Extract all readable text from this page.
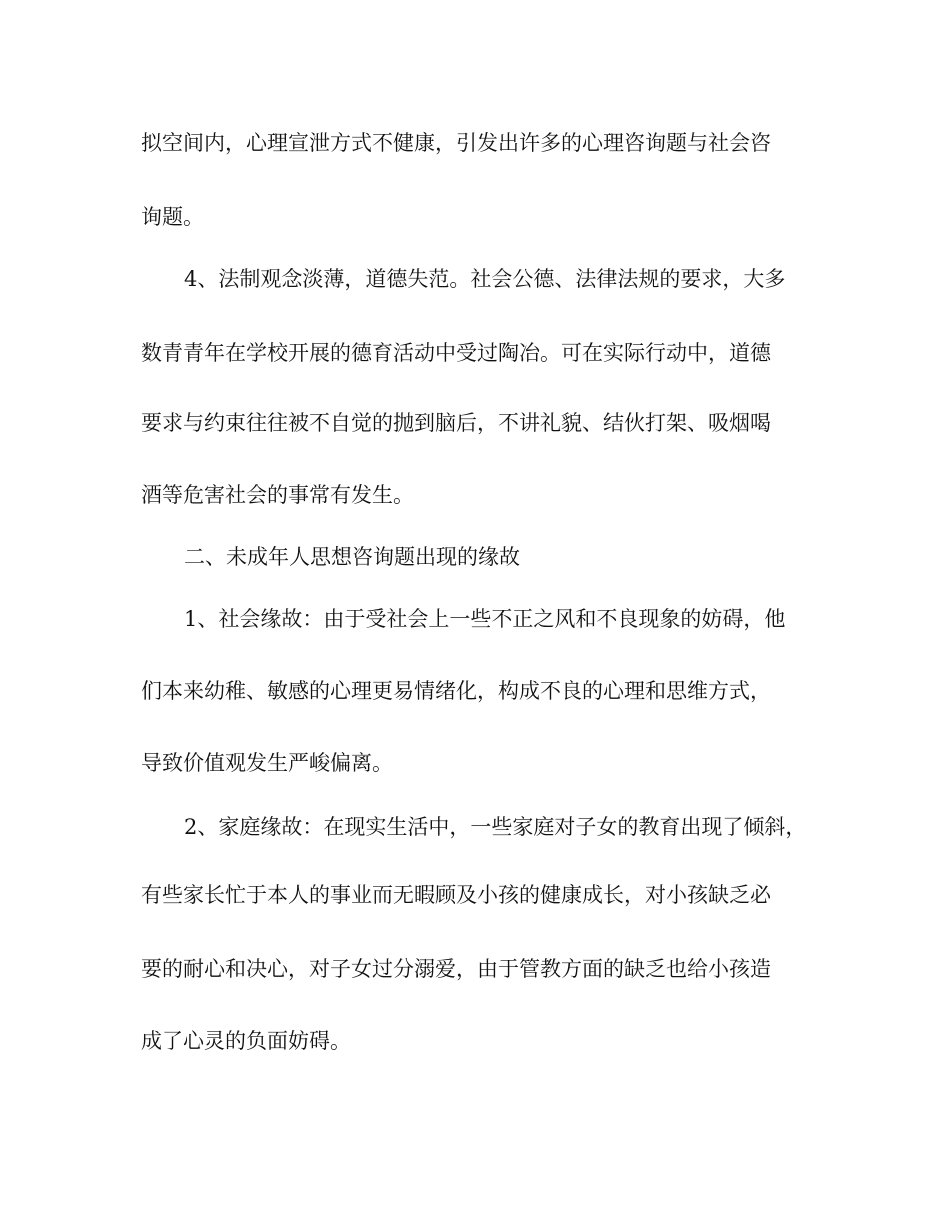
拟空间内，心理宣泄方式不健康，引发出许多的心理咨询题与社会咨

询题。

4、法制观念淡薄，道德失范。社会公德、法律法规的要求，大多

数青青年在学校开展的德育活动中受过陶冶。可在实际行动中，道德

要求与约束往往被不自觉的抛到脑后，不讲礼貌、结伙打架、吸烟喝

酒等危害社会的事常有发生。

二、未成年人思想咨询题出现的缘故

1、社会缘故：由于受社会上一些不正之风和不良现象的妨碍，他

们本来幼稚、敏感的心理更易情绪化，构成不良的心理和思维方式，

导致价值观发生严峻偏离。

2、家庭缘故：在现实生活中，一些家庭对子女的教育出现了倾斜，

有些家长忙于本人的事业而无暇顾及小孩的健康成长，对小孩缺乏必

要的耐心和决心，对子女过分溺爱，由于管教方面的缺乏也给小孩造

成了心灵的负面妨碍。
